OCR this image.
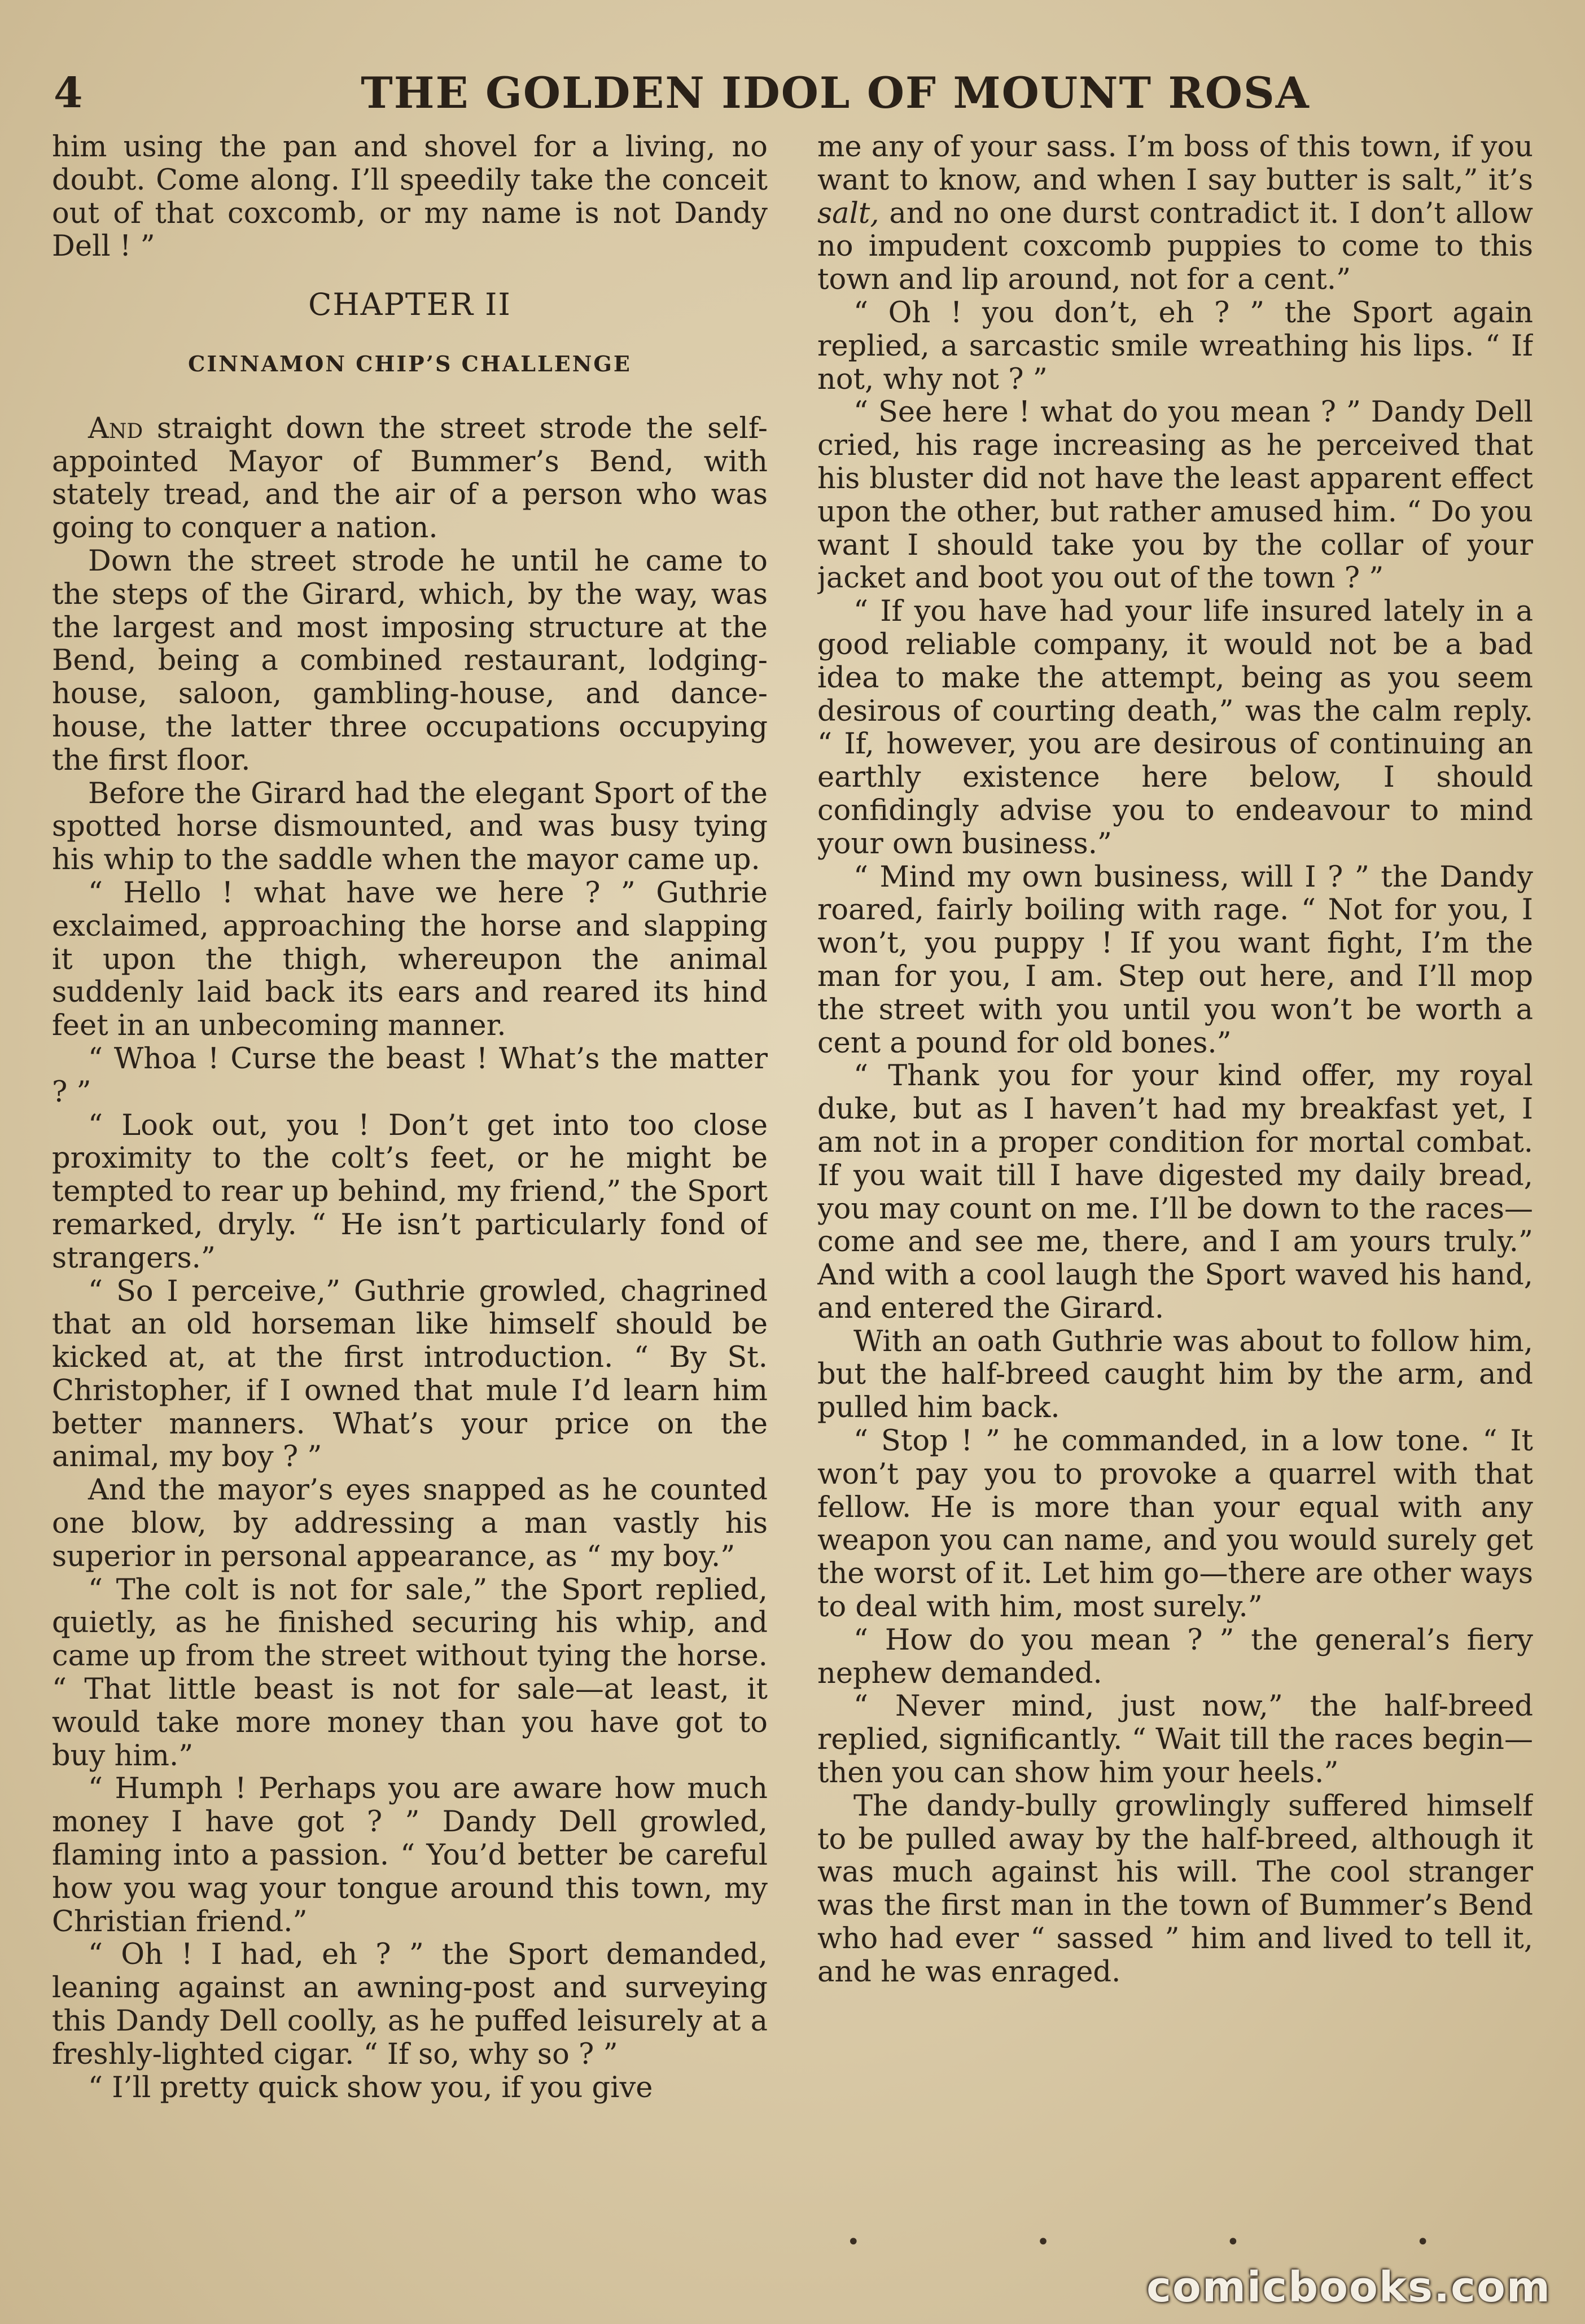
4	THE GOLDEN IDOL OF MOUNT ROSA

him using the pan and shovel for a living, no doubt. Come along. I’ll speedily take the conceit out of that coxcomb, or my name is not Dandy Dell ! ”

CHAPTER II
CINNAMON CHIP’S CHALLENGE

And straight down the street strode the self-appointed Mayor of Bummer’s Bend, with stately tread, and the air of a person who was going to conquer a nation.

Down the street strode he until he came to the steps of the Girard, which, by the way, was the largest and most imposing structure at the Bend, being a combined restaurant, lodging-house, saloon, gambling-house, and dance-house, the latter three occupations occupying the first floor.

Before the Girard had the elegant Sport of the spotted horse dismounted, and was busy tying his whip to the saddle when the mayor came up.

“ Hello ! what have we here ? ” Guthrie exclaimed, approaching the horse and slapping it upon the thigh, whereupon the animal suddenly laid back its ears and reared its hind feet in an unbecoming manner.

“ Whoa ! Curse the beast ! What’s the matter ? ”

“ Look out, you ! Don’t get into too close proximity to the colt’s feet, or he might be tempted to rear up behind, my friend,” the Sport remarked, dryly. “ He isn’t particularly fond of strangers.”

“ So I perceive,” Guthrie growled, chagrined that an old horseman like himself should be kicked at, at the first introduction. “ By St. Christopher, if I owned that mule I’d learn him better manners. What’s your price on the animal, my boy ? ”

And the mayor’s eyes snapped as he counted one blow, by addressing a man vastly his superior in personal appearance, as “ my boy.”

“ The colt is not for sale,” the Sport replied, quietly, as he finished securing his whip, and came up from the street without tying the horse. “ That little beast is not for sale—at least, it would take more money than you have got to buy him.”

“ Humph ! Perhaps you are aware how much money I have got ? ” Dandy Dell growled, flaming into a passion. “ You’d better be careful how you wag your tongue around this town, my Christian friend.”

“ Oh ! I had, eh ? ” the Sport demanded, leaning against an awning-post and surveying this Dandy Dell coolly, as he puffed leisurely at a freshly-lighted cigar. “ If so, why so ? ”

“ I’ll pretty quick show you, if you give

me any of your sass. I’m boss of this town, if you want to know, and when I say butter is salt,” it’s salt, and no one durst contradict it. I don’t allow no impudent coxcomb puppies to come to this town and lip around, not for a cent.”

“ Oh ! you don’t, eh ? ” the Sport again replied, a sarcastic smile wreathing his lips. “ If not, why not ? ”

“ See here ! what do you mean ? ” Dandy Dell cried, his rage increasing as he perceived that his bluster did not have the least apparent effect upon the other, but rather amused him. “ Do you want I should take you by the collar of your jacket and boot you out of the town ? ”

“ If you have had your life insured lately in a good reliable company, it would not be a bad idea to make the attempt, being as you seem desirous of courting death,” was the calm reply. “ If, however, you are desirous of continuing an earthly existence here below, I should confidingly advise you to endeavour to mind your own business.”

“ Mind my own business, will I ? ” the Dandy roared, fairly boiling with rage. “ Not for you, I won’t, you puppy ! If you want fight, I’m the man for you, I am. Step out here, and I’ll mop the street with you until you won’t be worth a cent a pound for old bones.”

“ Thank you for your kind offer, my royal duke, but as I haven’t had my breakfast yet, I am not in a proper condition for mortal combat. If you wait till I have digested my daily bread, you may count on me. I’ll be down to the races—come and see me, there, and I am yours truly.” And with a cool laugh the Sport waved his hand, and entered the Girard.

With an oath Guthrie was about to follow him, but the half-breed caught him by the arm, and pulled him back.

“ Stop ! ” he commanded, in a low tone. “ It won’t pay you to provoke a quarrel with that fellow. He is more than your equal with any weapon you can name, and you would surely get the worst of it. Let him go—there are other ways to deal with him, most surely.”

“ How do you mean ? ” the general’s fiery nephew demanded.

“ Never mind, just now,” the half-breed replied, significantly. “ Wait till the races begin—then you can show him your heels.”

The dandy-bully growlingly suffered himself to be pulled away by the half-breed, although it was much against his will. The cool stranger was the first man in the town of Bummer’s Bend who had ever “ sassed ” him and lived to tell it, and he was enraged.

• • • •
comicbooks.com
